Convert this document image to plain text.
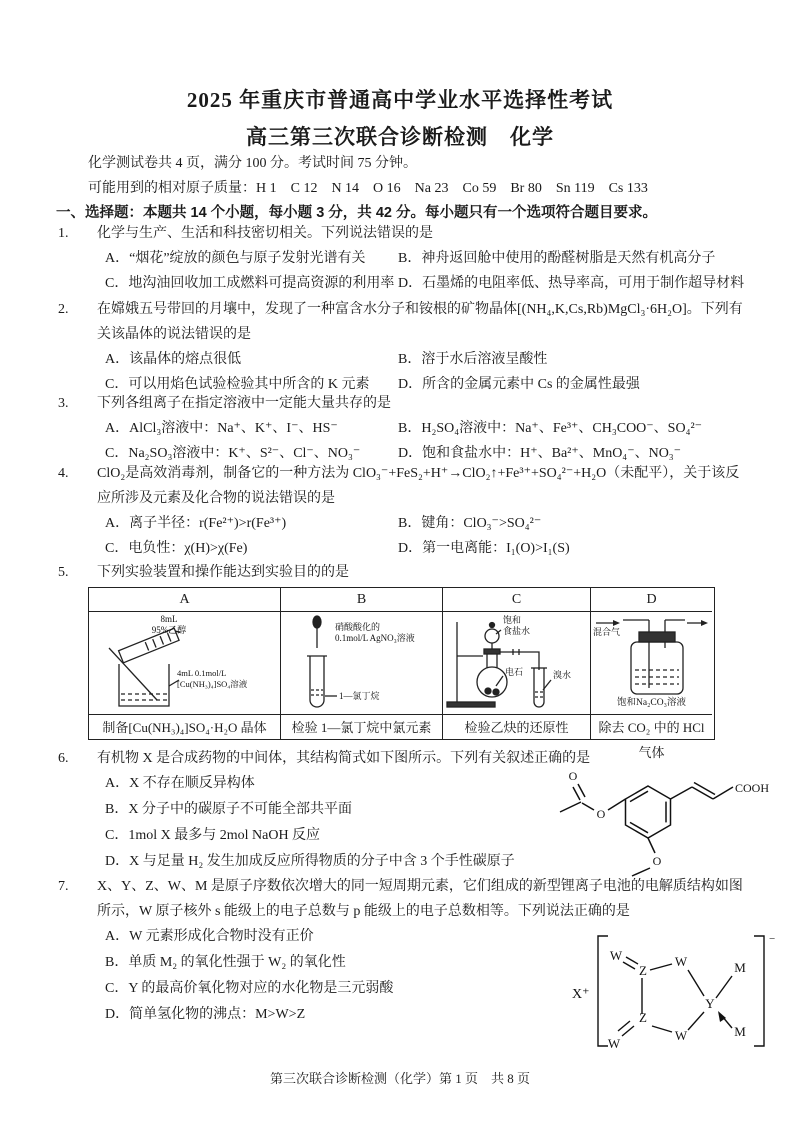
2025 年重庆市普通高中学业水平选择性考试
高三第三次联合诊断检测　化学
化学测试卷共 4 页，满分 100 分。考试时间 75 分钟。
可能用到的相对原子质量：H 1　C 12　N 14　O 16　Na 23　Co 59　Br 80　Sn 119　Cs 133
一、选择题：本题共 14 个小题，每小题 3 分，共 42 分。每小题只有一个选项符合题目要求。
1.	化学与生产、生活和科技密切相关。下列说法错误的是
A．“烟花”绽放的颜色与原子发射光谱有关	B．神舟返回舱中使用的酚醛树脂是天然有机高分子
C．地沟油回收加工成燃料可提高资源的利用率 D．石墨烯的电阻率低、热导率高，可用于制作超导材料
2.	在嫦娥五号带回的月壤中，发现了一种富含水分子和铵根的矿物晶体[(NH₄,K,Cs,Rb)MgCl₃·6H₂O]。下列有关该晶体的说法错误的是
A．该晶体的熔点很低	B．溶于水后溶液呈酸性
C．可以用焰色试验检验其中所含的 K 元素	D．所含的金属元素中 Cs 的金属性最强
3.	下列各组离子在指定溶液中一定能大量共存的是
A．AlCl₃溶液中：Na⁺、K⁺、I⁻、HS⁻	B．H₂SO₄溶液中：Na⁺、Fe³⁺、CH₃COO⁻、SO₄²⁻
C．Na₂SO₃溶液中：K⁺、S²⁻、Cl⁻、NO₃⁻	D．饱和食盐水中：H⁺、Ba²⁺、MnO₄⁻、NO₃⁻
4.	ClO₂是高效消毒剂，制备它的一种方法为 ClO₃⁻+FeS₂+H⁺→ClO₂↑+Fe³⁺+SO₄²⁻+H₂O（未配平），关于该反应所涉及元素及化合物的说法错误的是
A．离子半径：r(Fe²⁺)>r(Fe³⁺)	B．键角：ClO₃⁻>SO₄²⁻
C．电负性：χ(H)>χ(Fe)	D．第一电离能：I₁(O)>I₁(S)
5.	下列实验装置和操作能达到实验目的的是
A	B	C	D
8mL
95%乙醇
4mL 0.1mol/L
[Cu(NH₃)₄]SO₄溶液
硝酸酸化的
0.1mol/L AgNO₃溶液
1—氯丁烷
饱和
食盐水
电石	溴水
混合气
饱和Na₂CO₃溶液
制备[Cu(NH₃)₄]SO₄·H₂O 晶体	检验 1—氯丁烷中氯元素	检验乙炔的还原性	除去 CO₂ 中的 HCl 气体
6.	有机物 X 是合成药物的中间体，其结构简式如下图所示。下列有关叙述正确的是
A．X 不存在顺反异构体
B．X 分子中的碳原子不可能全部共平面
C．1mol X 最多与 2mol NaOH 反应
D．X 与足量 H₂ 发生加成反应所得物质的分子中含 3 个手性碳原子
COOH
O
O
O
7.	X、Y、Z、W、M 是原子序数依次增大的同一短周期元素，它们组成的新型锂离子电池的电解质结构如图所示，W 原子核外 s 能级上的电子总数与 p 能级上的电子总数相等。下列说法正确的是
A．W 元素形成化合物时没有正价
B．单质 M₂ 的氧化性强于 W₂ 的氧化性
C．Y 的最高价氧化物对应的水化物是三元弱酸
D．简单氢化物的沸点：M>W>Z
X⁺
−
W
Z
W	M
Y
M
Z
W
W
第三次联合诊断检测（化学）第 1 页　共 8 页
